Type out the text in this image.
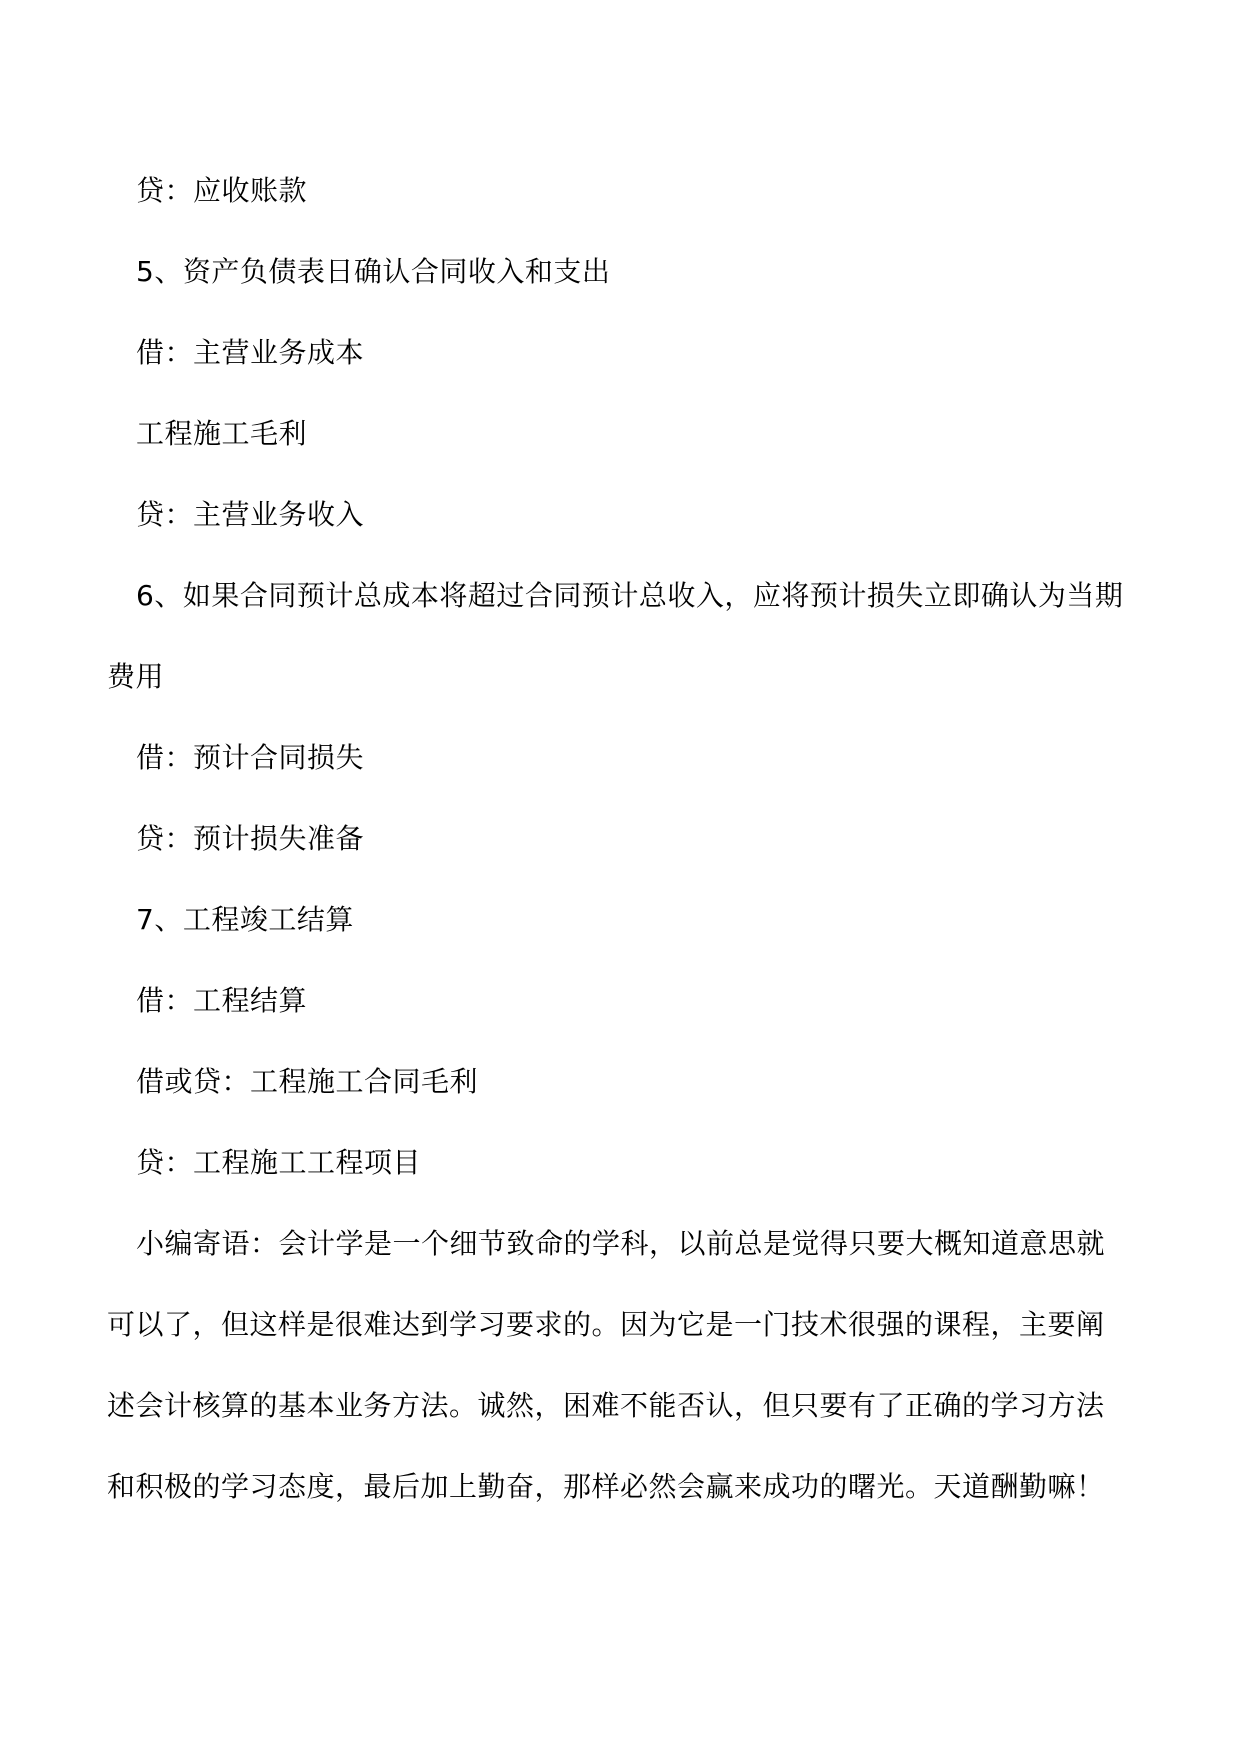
贷：应收账款
5、资产负债表日确认合同收入和支出
借：主营业务成本
工程施工毛利
贷：主营业务收入
6、如果合同预计总成本将超过合同预计总收入，应将预计损失立即确认为当期
费用
借：预计合同损失
贷：预计损失准备
7、工程竣工结算
借：工程结算
借或贷：工程施工合同毛利
贷：工程施工工程项目
小编寄语：会计学是一个细节致命的学科，以前总是觉得只要大概知道意思就
可以了，但这样是很难达到学习要求的。因为它是一门技术很强的课程，主要阐
述会计核算的基本业务方法。诚然，困难不能否认，但只要有了正确的学习方法
和积极的学习态度，最后加上勤奋，那样必然会赢来成功的曙光。天道酬勤嘛！
